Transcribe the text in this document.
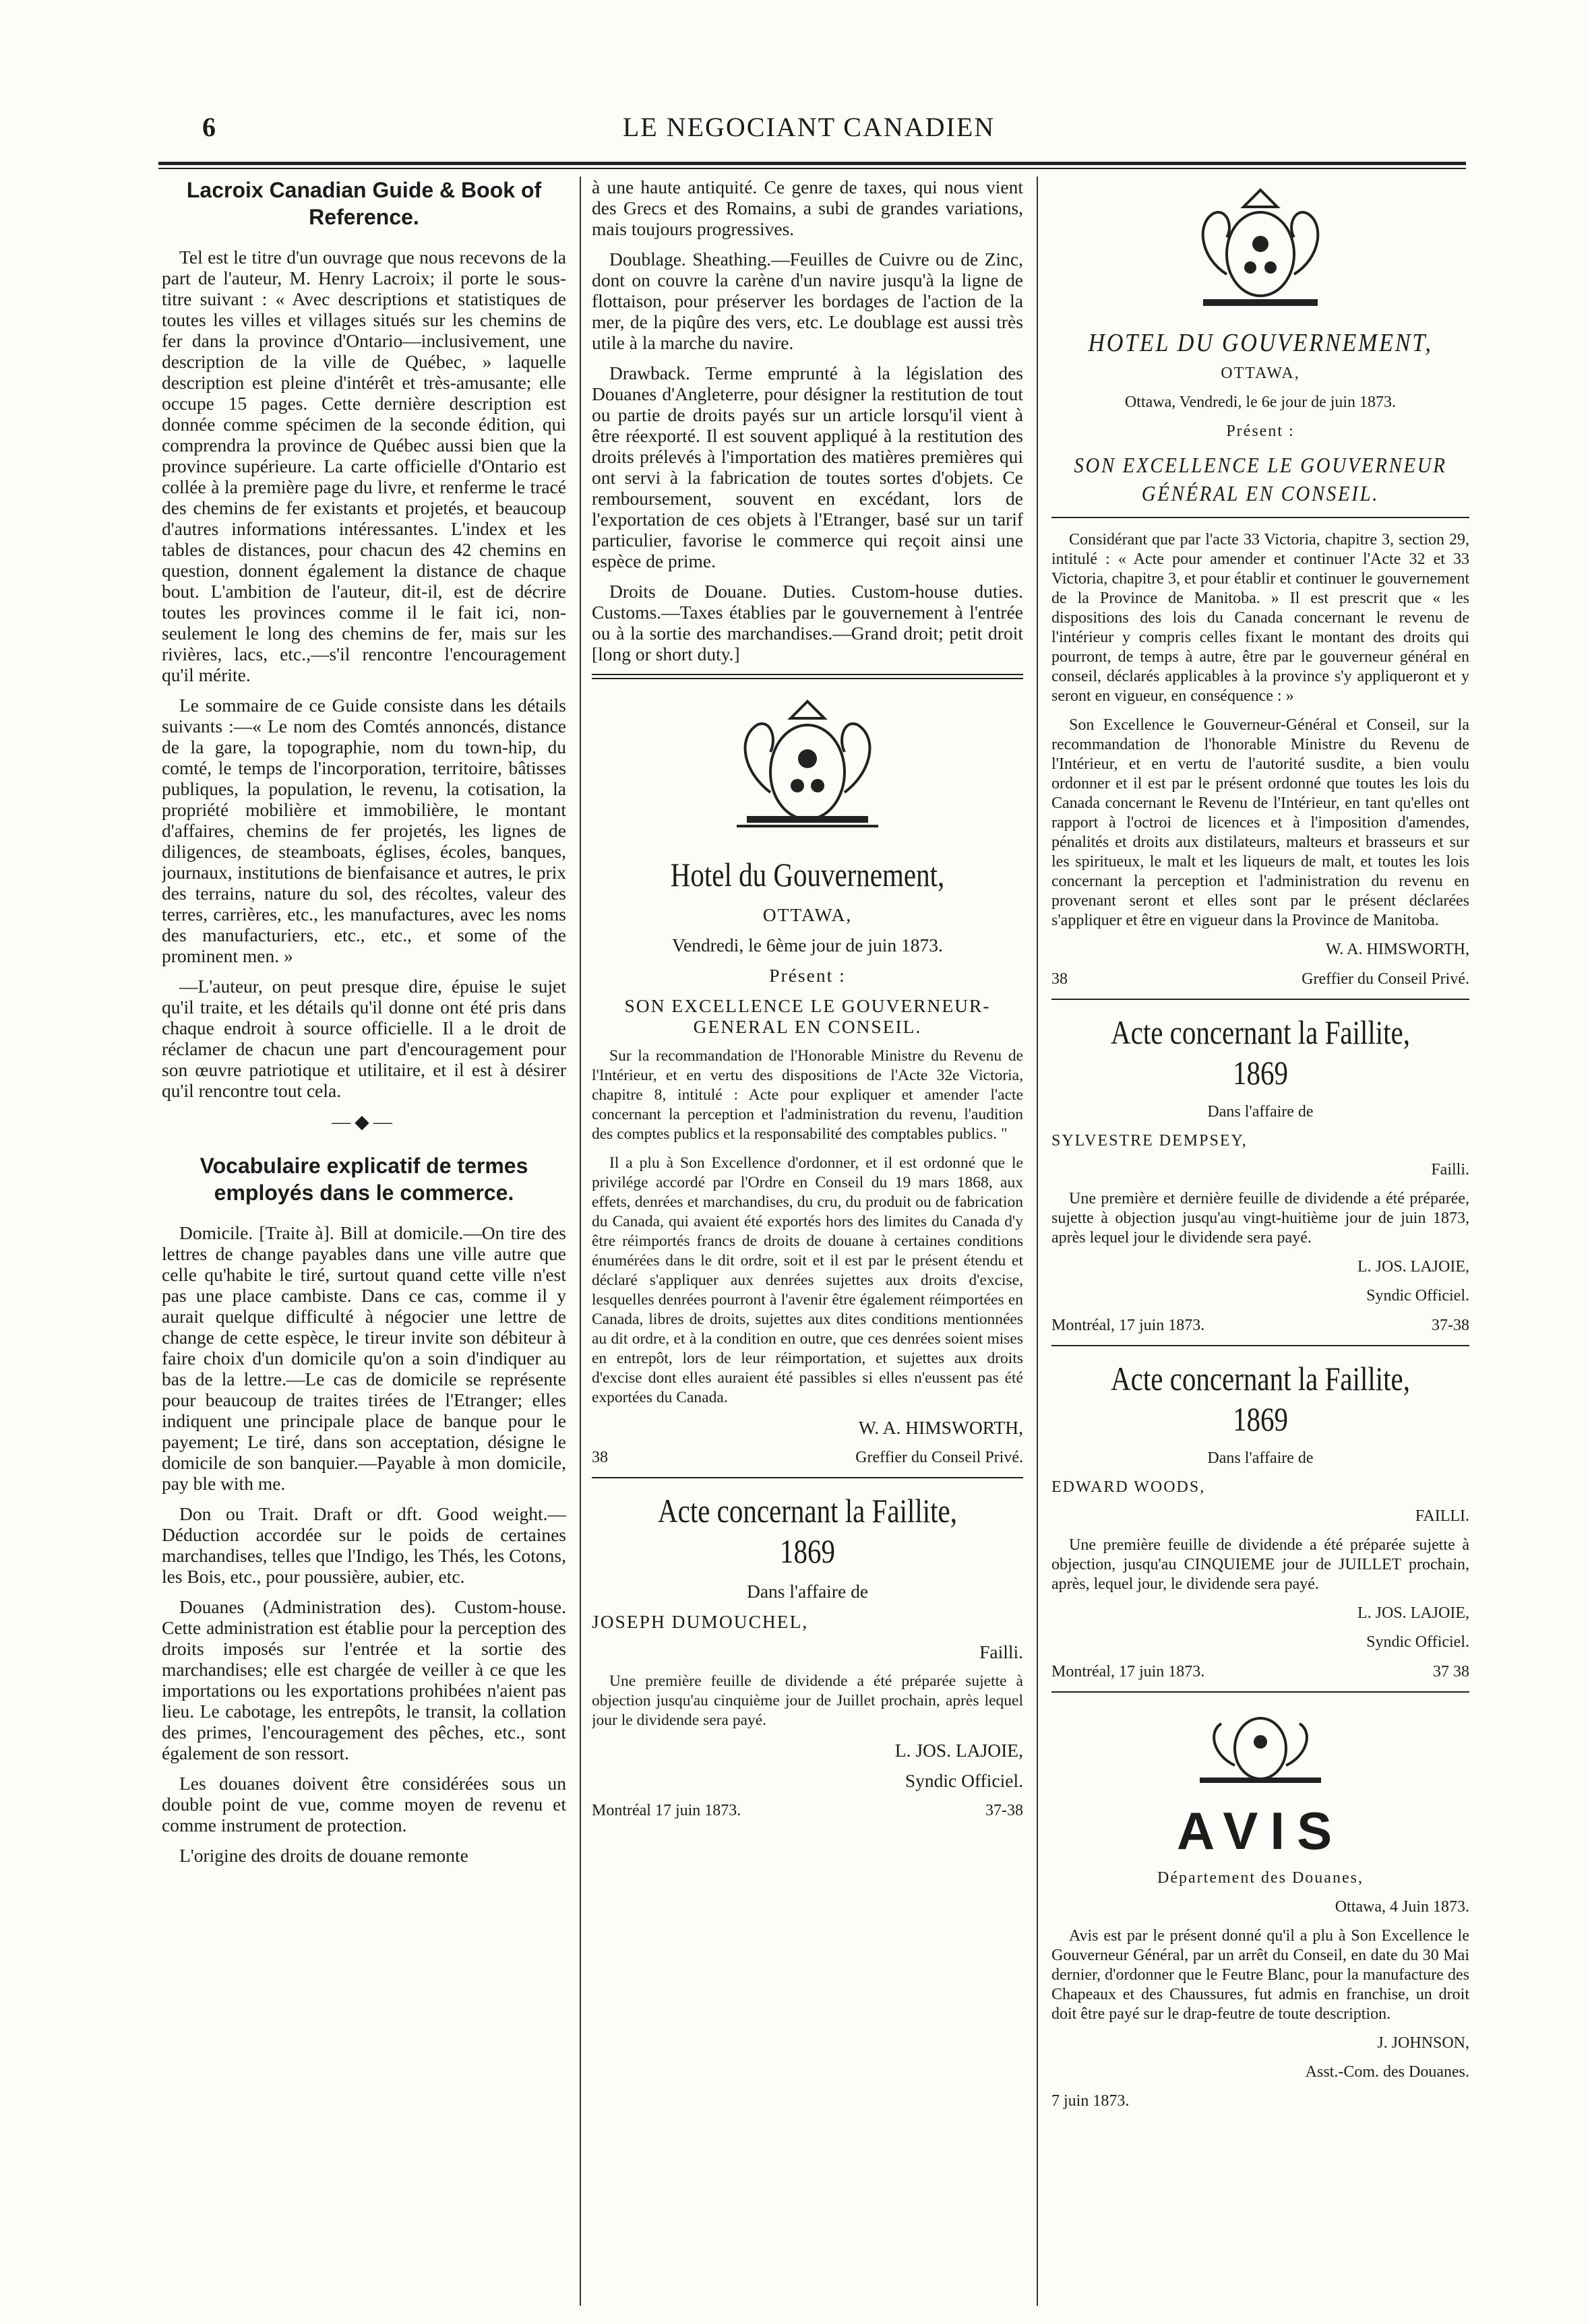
6	LE NEGOCIANT CANADIEN
Lacroix Canadian Guide & Book of Reference.

Tel est le titre d'un ouvrage que nous recevons de la part de l'auteur, M. Henry Lacroix; il porte le sous-titre suivant : « Avec descriptions et statistiques de toutes les villes et villages situés sur les chemins de fer dans la province d'Ontario—inclusivement, une description de la ville de Québec, » laquelle description est pleine d'intérêt et très-amusante; elle occupe 15 pages. Cette dernière description est donnée comme spécimen de la seconde édition, qui comprendra la province de Québec aussi bien que la province supérieure. La carte officielle d'Ontario est collée à la première page du livre, et renferme le tracé des chemins de fer existants et projetés, et beaucoup d'autres informations intéressantes. L'index et les tables de distances, pour chacun des 42 chemins en question, donnent également la distance de chaque bout. L'ambition de l'auteur, dit-il, est de décrire toutes les provinces comme il le fait ici, non-seulement le long des chemins de fer, mais sur les rivières, lacs, etc.,—s'il rencontre l'encouragement qu'il mérite.

Le sommaire de ce Guide consiste dans les détails suivants :—« Le nom des Comtés annoncés, distance de la gare, la topographie, nom du town-hip, du comté, le temps de l'incorporation, territoire, bâtisses publiques, la population, le revenu, la cotisation, la propriété mobilière et immobilière, le montant d'affaires, chemins de fer projetés, les lignes de diligences, de steamboats, églises, écoles, banques, journaux, institutions de bienfaisance et autres, le prix des terrains, nature du sol, des récoltes, valeur des terres, carrières, etc., les manufactures, avec les noms des manufacturiers, etc., etc., et some of the prominent men. »

—L'auteur, on peut presque dire, épuise le sujet qu'il traite, et les détails qu'il donne ont été pris dans chaque endroit à source officielle. Il a le droit de réclamer de chacun une part d'encouragement pour son œuvre patriotique et utilitaire, et il est à désirer qu'il rencontre tout cela.

—◆—
Vocabulaire explicatif de termes employés dans le commerce.

Domicile. [Traite à]. Bill at domicile.—On tire des lettres de change payables dans une ville autre que celle qu'habite le tiré, surtout quand cette ville n'est pas une place cambiste. Dans ce cas, comme il y aurait quelque difficulté à négocier une lettre de change de cette espèce, le tireur invite son débiteur à faire choix d'un domicile qu'on a soin d'indiquer au bas de la lettre.—Le cas de domicile se représente pour beaucoup de traites tirées de l'Etranger; elles indiquent une principale place de banque pour le payement; Le tiré, dans son acceptation, désigne le domicile de son banquier.—Payable à mon domicile, pay ble with me.

Don ou Trait. Draft or dft. Good weight.—Déduction accordée sur le poids de certaines marchandises, telles que l'Indigo, les Thés, les Cotons, les Bois, etc., pour poussière, aubier, etc.

Douanes (Administration des). Custom-house. Cette administration est établie pour la perception des droits imposés sur l'entrée et la sortie des marchandises; elle est chargée de veiller à ce que les importations ou les exportations prohibées n'aient pas lieu. Le cabotage, les entrepôts, le transit, la collation des primes, l'encouragement des pêches, etc., sont également de son ressort.

Les douanes doivent être considérées sous un double point de vue, comme moyen de revenu et comme instrument de protection.

L'origine des droits de douane remonte

à une haute antiquité. Ce genre de taxes, qui nous vient des Grecs et des Romains, a subi de grandes variations, mais toujours progressives.

Doublage. Sheathing.—Feuilles de Cuivre ou de Zinc, dont on couvre la carène d'un navire jusqu'à la ligne de flottaison, pour préserver les bordages de l'action de la mer, de la piqûre des vers, etc. Le doublage est aussi très utile à la marche du navire.

Drawback. Terme emprunté à la législation des Douanes d'Angleterre, pour désigner la restitution de tout ou partie de droits payés sur un article lorsqu'il vient à être réexporté. Il est souvent appliqué à la restitution des droits prélevés à l'importation des matières premières qui ont servi à la fabrication de toutes sortes d'objets. Ce remboursement, souvent en excédant, lors de l'exportation de ces objets à l'Etranger, basé sur un tarif particulier, favorise le commerce qui reçoit ainsi une espèce de prime.

Droits de Douane. Duties. Custom-house duties. Customs.—Taxes établies par le gouvernement à l'entrée ou à la sortie des marchandises.—Grand droit; petit droit [long or short duty.]

Hotel du Gouvernement,

OTTAWA,

Vendredi, le 6ème jour de juin 1873.

Présent :

SON EXCELLENCE LE GOUVERNEUR-GENERAL EN CONSEIL.

Sur la recommandation de l'Honorable Ministre du Revenu de l'Intérieur, et en vertu des dispositions de l'Acte 32e Victoria, chapitre 8, intitulé : Acte pour expliquer et amender l'acte concernant la perception et l'administration du revenu, l'audition des comptes publics et la responsabilité des comptables publics. "

Il a plu à Son Excellence d'ordonner, et il est ordonné que le privilége accordé par l'Ordre en Conseil du 19 mars 1868, aux effets, denrées et marchandises, du cru, du produit ou de fabrication du Canada, qui avaient été exportés hors des limites du Canada d'y être réimportés francs de droits de douane à certaines conditions énumérées dans le dit ordre, soit et il est par le présent étendu et déclaré s'appliquer aux denrées sujettes aux droits d'excise, lesquelles denrées pourront à l'avenir être également réimportées en Canada, libres de droits, sujettes aux dites conditions mentionnées au dit ordre, et à la condition en outre, que ces denrées soient mises en entrepôt, lors de leur réimportation, et sujettes aux droits d'excise dont elles auraient été passibles si elles n'eussent pas été exportées du Canada.

W. A. HIMSWORTH,

38	Greffier du Conseil Privé.
Acte concernant la Faillite, 1869

Dans l'affaire de

JOSEPH DUMOUCHEL,

Failli.

Une première feuille de dividende a été préparée sujette à objection jusqu'au cinquième jour de Juillet prochain, après lequel jour le dividende sera payé.

L. JOS. LAJOIE,

Syndic Officiel.

Montréal 17 juin 1873.	37-38
HOTEL DU GOUVERNEMENT,

OTTAWA,

Ottawa, Vendredi, le 6e jour de juin 1873.

Présent :

SON EXCELLENCE LE GOUVERNEUR GÉNÉRAL EN CONSEIL.

Considérant que par l'acte 33 Victoria, chapitre 3, section 29, intitulé : « Acte pour amender et continuer l'Acte 32 et 33 Victoria, chapitre 3, et pour établir et continuer le gouvernement de la Province de Manitoba. » Il est prescrit que « les dispositions des lois du Canada concernant le revenu de l'intérieur y compris celles fixant le montant des droits qui pourront, de temps à autre, être par le gouverneur général en conseil, déclarés applicables à la province s'y appliqueront et y seront en vigueur, en conséquence : »

Son Excellence le Gouverneur-Général et Conseil, sur la recommandation de l'honorable Ministre du Revenu de l'Intérieur, et en vertu de l'autorité susdite, a bien voulu ordonner et il est par le présent ordonné que toutes les lois du Canada concernant le Revenu de l'Intérieur, en tant qu'elles ont rapport à l'octroi de licences et à l'imposition d'amendes, pénalités et droits aux distilateurs, malteurs et brasseurs et sur les spiritueux, le malt et les liqueurs de malt, et toutes les lois concernant la perception et l'administration du revenu en provenant seront et elles sont par le présent déclarées s'appliquer et être en vigueur dans la Province de Manitoba.

W. A. HIMSWORTH,

38	Greffier du Conseil Privé.
Acte concernant la Faillite, 1869

Dans l'affaire de

SYLVESTRE DEMPSEY,

Failli.

Une première et dernière feuille de dividende a été préparée, sujette à objection jusqu'au vingt-huitième jour de juin 1873, après lequel jour le dividende sera payé.

L. JOS. LAJOIE,

Syndic Officiel.

Montréal, 17 juin 1873.	37-38
Acte concernant la Faillite, 1869

Dans l'affaire de

EDWARD WOODS,

FAILLI.

Une première feuille de dividende a été préparée sujette à objection, jusqu'au CINQUIEME jour de JUILLET prochain, après, lequel jour, le dividende sera payé.

L. JOS. LAJOIE,

Syndic Officiel.

Montréal, 17 juin 1873.	37 38
AVIS

Département des Douanes,

Ottawa, 4 Juin 1873.

Avis est par le présent donné qu'il a plu à Son Excellence le Gouverneur Général, par un arrêt du Conseil, en date du 30 Mai dernier, d'ordonner que le Feutre Blanc, pour la manufacture des Chapeaux et des Chaussures, fut admis en franchise, un droit doit être payé sur le drap-feutre de toute description.

J. JOHNSON,

Asst.-Com. des Douanes.

7 juin 1873.
